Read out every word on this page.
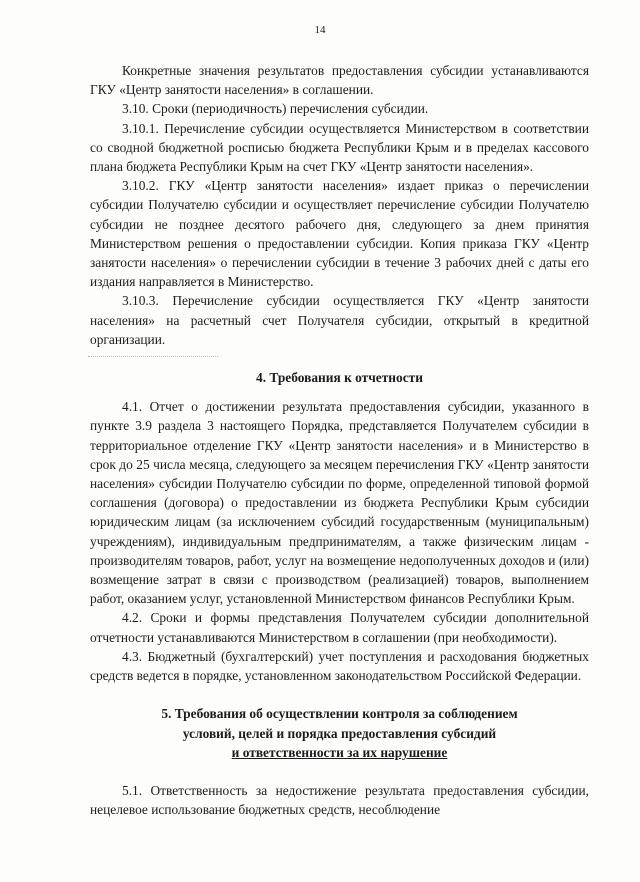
14

Конкретные значения результатов предоставления субсидии устанавливаются ГКУ «Центр занятости населения» в соглашении.

3.10. Сроки (периодичность) перечисления субсидии.

3.10.1. Перечисление субсидии осуществляется Министерством в соответствии со сводной бюджетной росписью бюджета Республики Крым и в пределах кассового плана бюджета Республики Крым на счет ГКУ «Центр занятости населения».

3.10.2. ГКУ «Центр занятости населения» издает приказ о перечислении субсидии Получателю субсидии и осуществляет перечисление субсидии Получателю субсидии не позднее десятого рабочего дня, следующего за днем принятия Министерством решения о предоставлении субсидии. Копия приказа ГКУ «Центр занятости населения» о перечислении субсидии в течение 3 рабочих дней с даты его издания направляется в Министерство.

3.10.3. Перечисление субсидии осуществляется ГКУ «Центр занятости населения» на расчетный счет Получателя субсидии, открытый в кредитной организации.

4. Требования к отчетности

4.1. Отчет о достижении результата предоставления субсидии, указанного в пункте 3.9 раздела 3 настоящего Порядка, представляется Получателем субсидии в территориальное отделение ГКУ «Центр занятости населения» и в Министерство в срок до 25 числа месяца, следующего за месяцем перечисления ГКУ «Центр занятости населения» субсидии Получателю субсидии по форме, определенной типовой формой соглашения (договора) о предоставлении из бюджета Республики Крым субсидии юридическим лицам (за исключением субсидий государственным (муниципальным) учреждениям), индивидуальным предпринимателям, а также физическим лицам - производителям товаров, работ, услуг на возмещение недополученных доходов и (или) возмещение затрат в связи с производством (реализацией) товаров, выполнением работ, оказанием услуг, установленной Министерством финансов Республики Крым.

4.2. Сроки и формы представления Получателем субсидии дополнительной отчетности устанавливаются Министерством в соглашении (при необходимости).

4.3. Бюджетный (бухгалтерский) учет поступления и расходования бюджетных средств ведется в порядке, установленном законодательством Российской Федерации.

5. Требования об осуществлении контроля за соблюдением
условий, целей и порядка предоставления субсидий
и ответственности за их нарушение

5.1. Ответственность за недостижение результата предоставления субсидии, нецелевое использование бюджетных средств, несоблюдение
